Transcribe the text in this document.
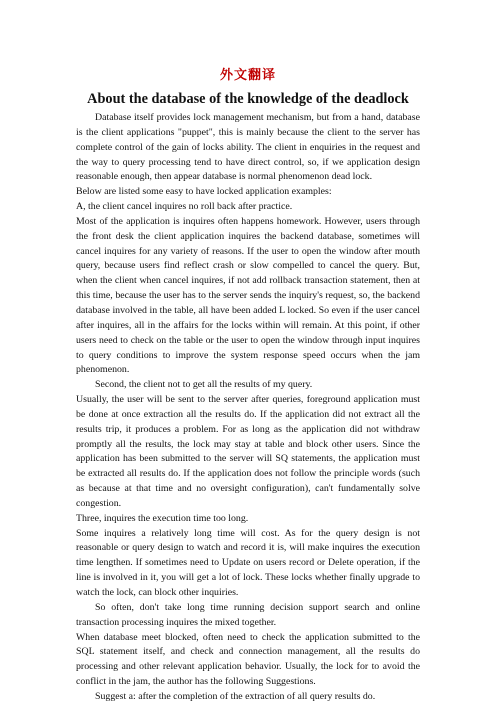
外文翻译
About the database of the knowledge of the deadlock

Database itself provides lock management mechanism, but from a hand, database is the client applications "puppet", this is mainly because the client to the server has complete control of the gain of locks ability. The client in enquiries in the request and the way to query processing tend to have direct control, so, if we application design reasonable enough, then appear database is normal phenomenon dead lock.

Below are listed some easy to have locked application examples:

A, the client cancel inquires no roll back after practice.

Most of the application is inquires often happens homework. However, users through the front desk the client application inquires the backend database, sometimes will cancel inquires for any variety of reasons. If the user to open the window after mouth query, because users find reflect crash or slow compelled to cancel the query. But, when the client when cancel inquires, if not add rollback transaction statement, then at this time, because the user has to the server sends the inquiry's request, so, the backend database involved in the table, all have been added L locked. So even if the user cancel after inquires, all in the affairs for the locks within will remain. At this point, if other users need to check on the table or the user to open the window through input inquires to query conditions to improve the system response speed occurs when the jam phenomenon.

Second, the client not to get all the results of my query.

Usually, the user will be sent to the server after queries, foreground application must be done at once extraction all the results do. If the application did not extract all the results trip, it produces a problem. For as long as the application did not withdraw promptly all the results, the lock may stay at table and block other users. Since the application has been submitted to the server will SQ statements, the application must be extracted all results do. If the application does not follow the principle words (such as because at that time and no oversight configuration), can't fundamentally solve congestion.

Three, inquires the execution time too long.

Some inquires a relatively long time will cost. As for the query design is not reasonable or query design to watch and record it is, will make inquires the execution time lengthen. If sometimes need to Update on users record or Delete operation, if the line is involved in it, you will get a lot of lock. These locks whether finally upgrade to watch the lock, can block other inquiries.

So often, don't take long time running decision support search and online transaction processing inquires the mixed together.

When database meet blocked, often need to check the application submitted to the SQL statement itself, and check and connection management, all the results do processing and other relevant application behavior. Usually, the lock for to avoid the conflict in the jam, the author has the following Suggestions.

Suggest a: after the completion of the extraction of all query results do.
